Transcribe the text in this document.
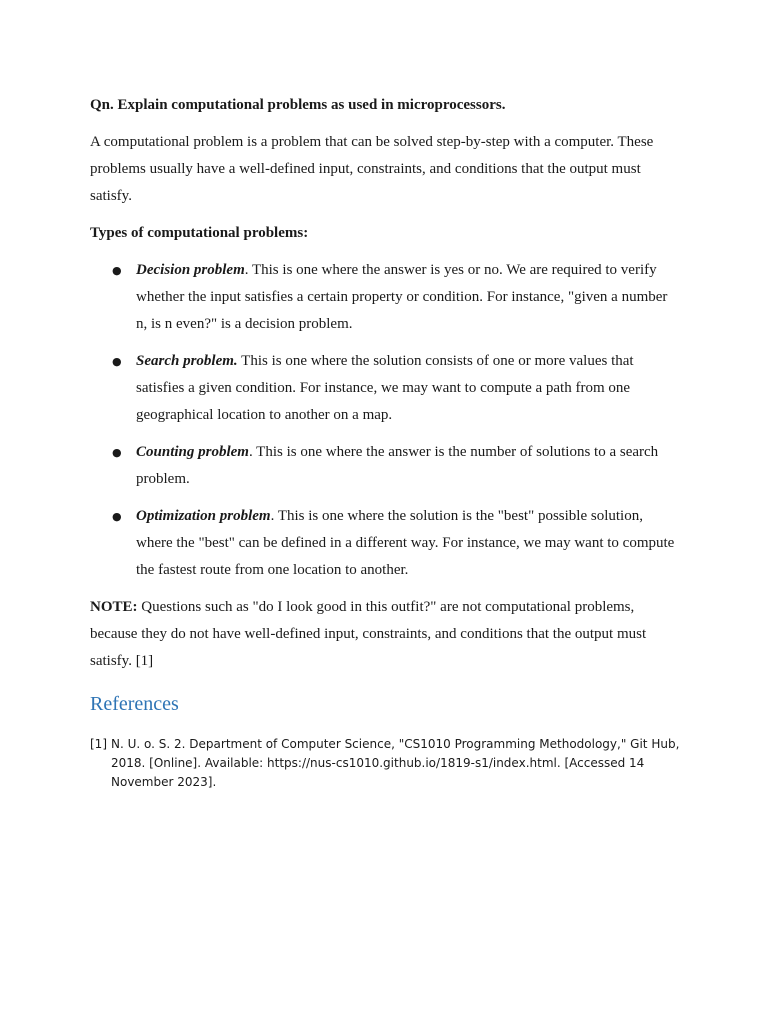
Qn. Explain computational problems as used in microprocessors.

A computational problem is a problem that can be solved step-by-step with a computer. These problems usually have a well-defined input, constraints, and conditions that the output must satisfy.

Types of computational problems:

● Decision problem. This is one where the answer is yes or no. We are required to verify whether the input satisfies a certain property or condition. For instance, "given a number n, is n even?" is a decision problem.
● Search problem. This is one where the solution consists of one or more values that satisfies a given condition. For instance, we may want to compute a path from one geographical location to another on a map.
● Counting problem. This is one where the answer is the number of solutions to a search problem.
● Optimization problem. This is one where the solution is the "best" possible solution, where the "best" can be defined in a different way. For instance, we may want to compute the fastest route from one location to another.

NOTE: Questions such as "do I look good in this outfit?" are not computational problems, because they do not have well-defined input, constraints, and conditions that the output must satisfy. [1]

References
[1] N. U. o. S. 2. Department of Computer Science, "CS1010 Programming Methodology," Git Hub, 2018. [Online]. Available: https://nus-cs1010.github.io/1819-s1/index.html. [Accessed 14 November 2023].
